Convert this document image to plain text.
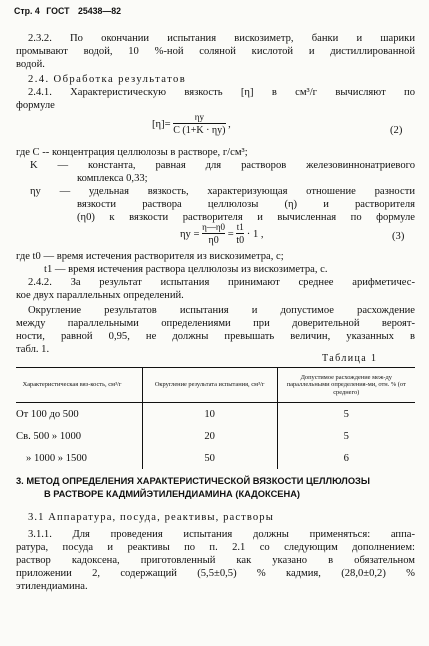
Стр. 4 ГОСТ 25438—82
2.3.2. По окончании испытания вискозиметр, банки и шарики
промывают водой, 10 %-ной соляной кислотой и дистиллированной
водой.
2.4. Обработка результатов
2.4.1. Характеристическую вязкость [η] в см³/г вычисляют по
формуле
$[\eta]= \frac{\eta у}{C (1+K \cdot \eta у)}$ ,
(2)
где C -- концентрация целлюлозы в растворе, г/см³;
K — константа, равная для растворов железовиннонатриевого
комплекса 0,33;
ηу — удельная вязкость, характеризующая отношение разности
вязкости раствора целлюлозы (η) и растворителя
(η0) к вязкости растворителя и вычисленная по формуле
$\eta у = \frac{\eta—\eta 0}{\eta 0} = \frac{t1}{t0} \cdot 1$ ,	(3)
где t0 — время истечения растворителя из вискозиметра, с;
t1 — время истечения раствора целлюлозы из вискозиметра, с.
2.4.2. За результат испытания принимают среднее арифметичес-
кое двух параллельных определений.
Округление результатов испытания и допустимое расхождение
между параллельными определениями при доверительной вероят-
ности, равной 0,95, не должны превышать величин, указанных в
табл. 1.
Таблица 1
Характеристическая вяз-кость, см³/г	Округление результата испытания, см³/г	Допустимое расхождение меж-ду параллельными определения-ми, отн. % (от среднего)

От 100 до 500	10	5
Св. 500 » 1000	20	5
» 1000 » 1500	50	6
3. МЕТОД ОПРЕДЕЛЕНИЯ ХАРАКТЕРИСТИЧЕСКОЙ ВЯЗКОСТИ ЦЕЛЛЮЛОЗЫ
В РАСТВОРЕ КАДМИЙЭТИЛЕНДИАМИНА (КАДОКСЕНА)
3.1 Аппаратура, посуда, реактивы, растворы
3.1.1. Для проведения испытания должны применяться: аппа-
ратура, посуда и реактивы по п. 2.1 со следующим дополнением:
раствор кадоксена, приготовленный как указано в обязательном
приложении 2, содержащий (5,5±0,5) % кадмия, (28,0±0,2) %
этилендиамина.
